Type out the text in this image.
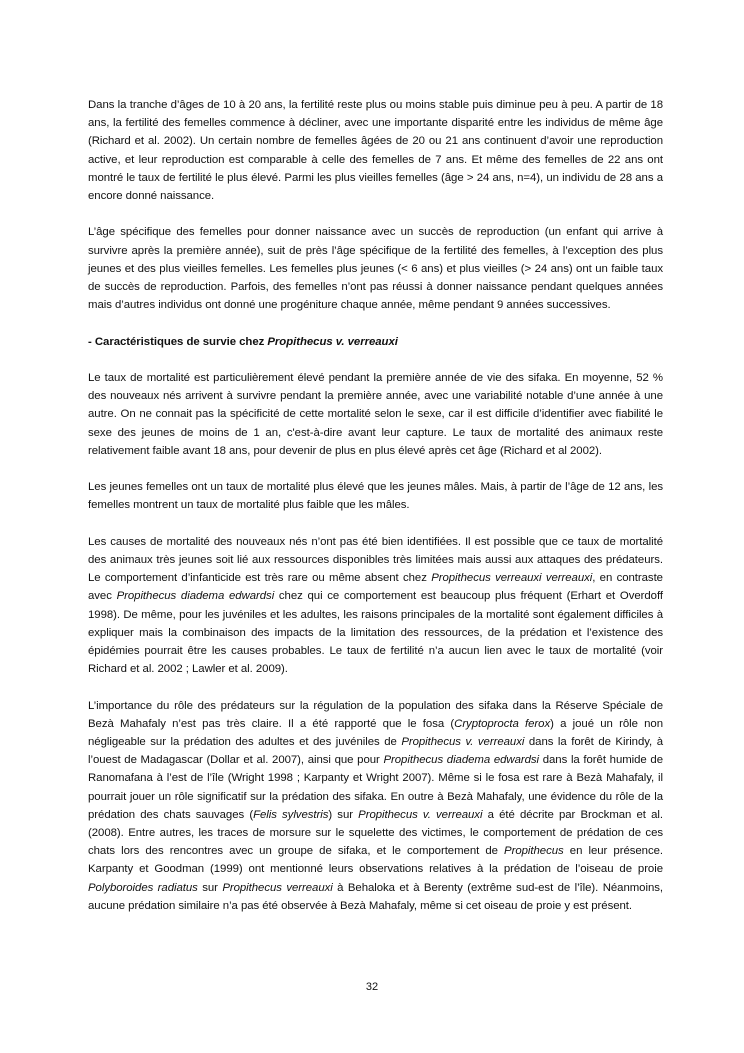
Dans la tranche d’âges de 10 à 20 ans, la fertilité reste plus ou moins stable puis diminue peu à peu. A partir de 18 ans, la fertilité des femelles commence à décliner, avec une importante disparité entre les individus de même âge (Richard et al. 2002). Un certain nombre de femelles âgées de 20 ou 21 ans continuent d’avoir une reproduction active, et leur reproduction est comparable à celle des femelles de 7 ans. Et même des femelles de 22 ans ont montré le taux de fertilité le plus élevé. Parmi les plus vieilles femelles (âge > 24 ans, n=4), un individu de 28 ans a encore donné naissance.

L’âge spécifique des femelles pour donner naissance avec un succès de reproduction (un enfant qui arrive à survivre après la première année), suit de près l’âge spécifique de la fertilité des femelles, à l’exception des plus jeunes et des plus vieilles femelles. Les femelles plus jeunes (< 6 ans) et plus vieilles (> 24 ans) ont un faible taux de succès de reproduction. Parfois, des femelles n’ont pas réussi à donner naissance pendant quelques années mais d’autres individus ont donné une progéniture chaque année, même pendant 9 années successives.

- Caractéristiques de survie chez Propithecus v. verreauxi

Le taux de mortalité est particulièrement élevé pendant la première année de vie des sifaka. En moyenne, 52 % des nouveaux nés arrivent à survivre pendant la première année, avec une variabilité notable d’une année à une autre. On ne connait pas la spécificité de cette mortalité selon le sexe, car il est difficile d’identifier avec fiabilité le sexe des jeunes de moins de 1 an, c'est-à-dire avant leur capture. Le taux de mortalité des animaux reste relativement faible avant 18 ans, pour devenir de plus en plus élevé après cet âge (Richard et al 2002).

Les jeunes femelles ont un taux de mortalité plus élevé que les jeunes mâles. Mais, à partir de l’âge de 12 ans, les femelles montrent un taux de mortalité plus faible que les mâles.

Les causes de mortalité des nouveaux nés n’ont pas été bien identifiées. Il est possible que ce taux de mortalité des animaux très jeunes soit lié aux ressources disponibles très limitées mais aussi aux attaques des prédateurs. Le comportement d’infanticide est très rare ou même absent chez Propithecus verreauxi verreauxi, en contraste avec Propithecus diadema edwardsi chez qui ce comportement est beaucoup plus fréquent (Erhart et Overdoff 1998). De même, pour les juvéniles et les adultes, les raisons principales de la mortalité sont également difficiles à expliquer mais la combinaison des impacts de la limitation des ressources, de la prédation et l’existence des épidémies pourrait être les causes probables. Le taux de fertilité n’a aucun lien avec le taux de mortalité (voir Richard et al. 2002 ; Lawler et al. 2009).

L’importance du rôle des prédateurs sur la régulation de la population des sifaka dans la Réserve Spéciale de Bezà Mahafaly n’est pas très claire. Il a été rapporté que le fosa (Cryptoprocta ferox) a joué un rôle non négligeable sur la prédation des adultes et des juvéniles de Propithecus v. verreauxi dans la forêt de Kirindy, à l’ouest de Madagascar (Dollar et al. 2007), ainsi que pour Propithecus diadema edwardsi dans la forêt humide de Ranomafana à l’est de l’île (Wright 1998 ; Karpanty et Wright 2007). Même si le fosa est rare à Bezà Mahafaly, il pourrait jouer un rôle significatif sur la prédation des sifaka. En outre à Bezà Mahafaly, une évidence du rôle de la prédation des chats sauvages (Felis sylvestris) sur Propithecus v. verreauxi a été décrite par Brockman et al. (2008). Entre autres, les traces de morsure sur le squelette des victimes, le comportement de prédation de ces chats lors des rencontres avec un groupe de sifaka, et le comportement de Propithecus en leur présence. Karpanty et Goodman (1999) ont mentionné leurs observations relatives à la prédation de l’oiseau de proie Polyboroides radiatus sur Propithecus verreauxi à Behaloka et à Berenty (extrême sud-est de l’île). Néanmoins, aucune prédation similaire n’a pas été observée à Bezà Mahafaly, même si cet oiseau de proie y est présent.

32
